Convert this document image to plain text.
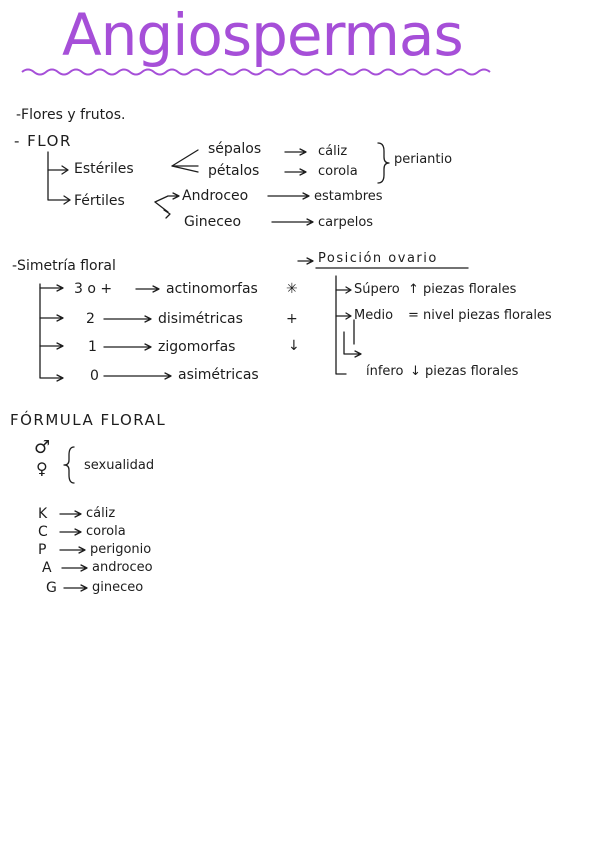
Angiospermas
-Flores y frutos.
- FLOR
Estériles
sépalos
pétalos
cáliz
corola
periantio
Fértiles	Androceo	estambres
Gineceo	carpelos
-Simetría floral
3 o +	actinomorfas ✳
2	disimétricas	+
1	zigomorfas	↓
0	asimétricas
Posición ovario
Súpero ↑ piezas florales
Medio = nivel piezas florales
ínfero ↓ piezas florales
FÓRMULA FLORAL
♂
♀	sexualidad
K	cáliz
C	corola
P	perigonio
A	androceo
G	gineceo
